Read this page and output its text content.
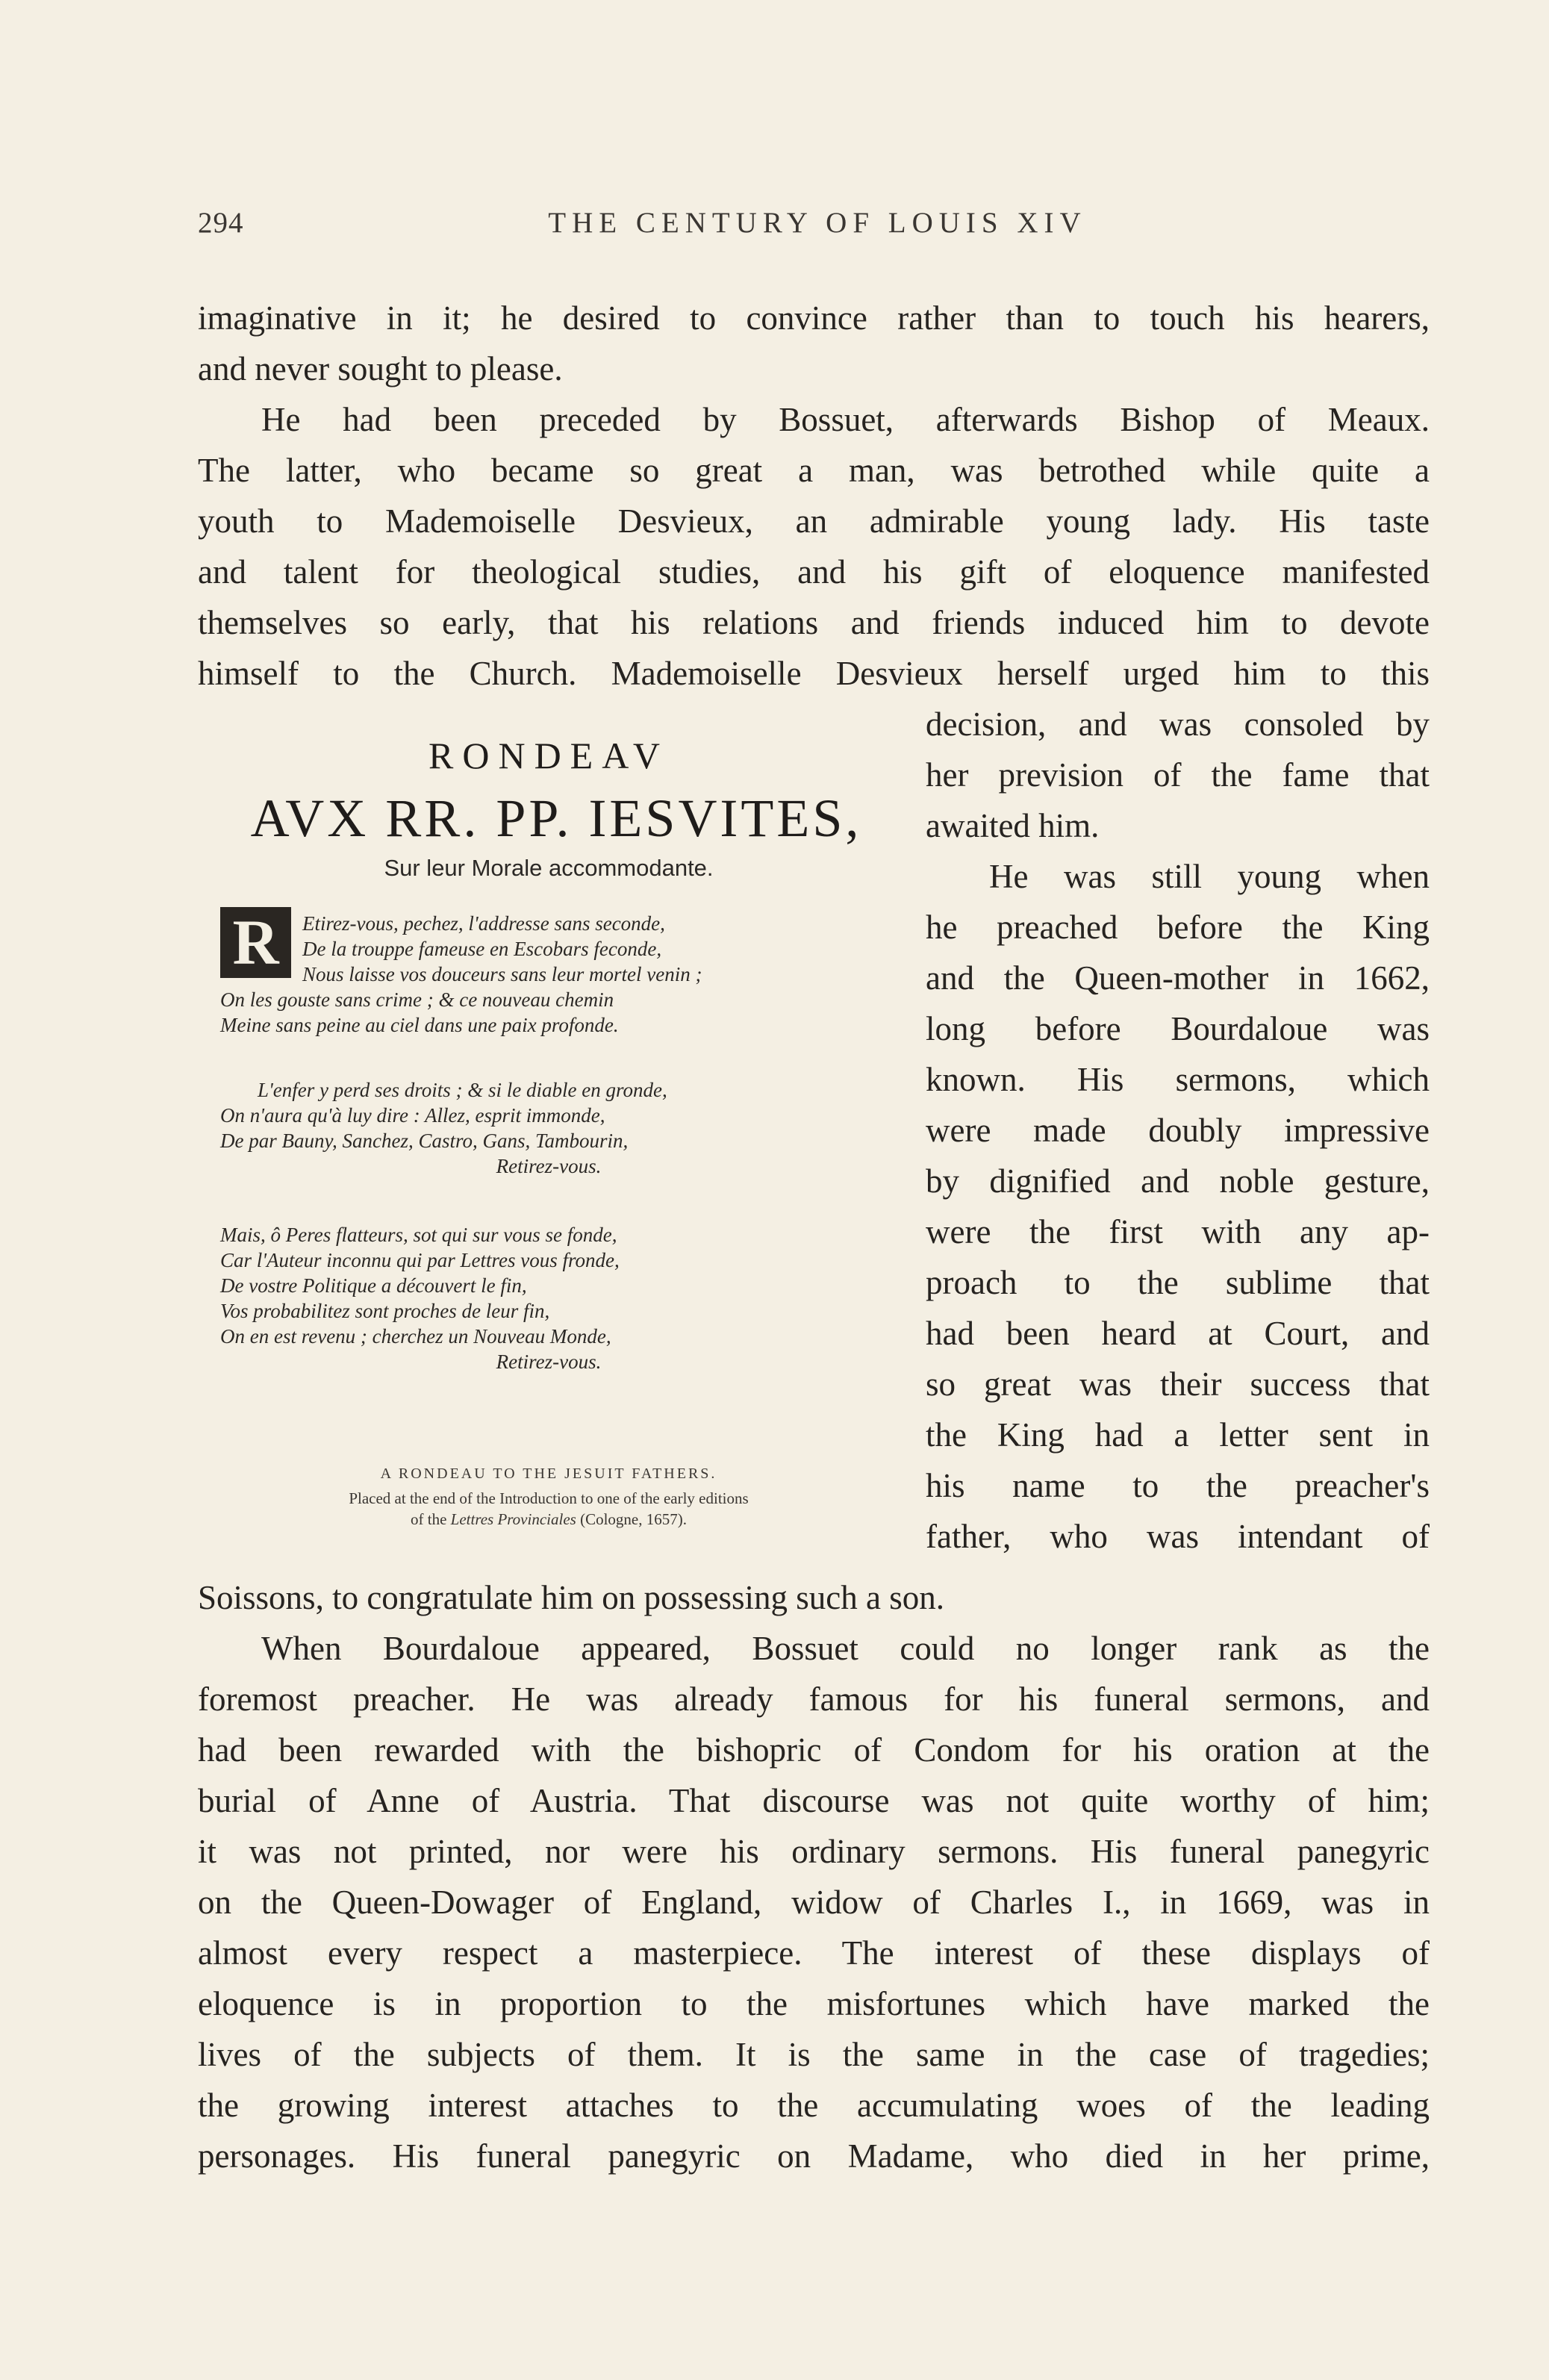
294	THE CENTURY OF LOUIS XIV
imaginative in it; he desired to convince rather than to touch his hearers,
and never sought to please.
He had been preceded by Bossuet, afterwards Bishop of Meaux.
The latter, who became so great a man, was betrothed while quite a
youth to Mademoiselle Desvieux, an admirable young lady. His taste
and talent for theological studies, and his gift of eloquence manifested
themselves so early, that his relations and friends induced him to devote
himself to the Church. Mademoiselle Desvieux herself urged him to this
decision, and was consoled by
her prevision of the fame that
awaited him.
He was still young when
he preached before the King
and the Queen-mother in 1662,
long before Bourdaloue was
known. His sermons, which
were made doubly impressive
by dignified and noble gesture,
were the first with any ap-
proach to the sublime that
had been heard at Court, and
so great was their success that
the King had a letter sent in
his name to the preacher's
father, who was intendant of
Soissons, to congratulate him on possessing such a son.
When Bourdaloue appeared, Bossuet could no longer rank as the
foremost preacher. He was already famous for his funeral sermons, and
had been rewarded with the bishopric of Condom for his oration at the
burial of Anne of Austria. That discourse was not quite worthy of him;
it was not printed, nor were his ordinary sermons. His funeral panegyric
on the Queen-Dowager of England, widow of Charles I., in 1669, was in
almost every respect a masterpiece. The interest of these displays of
eloquence is in proportion to the misfortunes which have marked the
lives of the subjects of them. It is the same in the case of tragedies;
the growing interest attaches to the accumulating woes of the leading
personages. His funeral panegyric on Madame, who died in her prime,
RONDEAV
AVX RR. PP. IESVITES,
Sur leur Morale accommodante.
R	Etirez-vous, pechez, l'addresse sans seconde,
De la trouppe fameuse en Escobars feconde,
Nous laisse vos douceurs sans leur mortel venin ;
On les gouste sans crime ; & ce nouveau chemin
Meine sans peine au ciel dans une paix profonde.
L'enfer y perd ses droits ; & si le diable en gronde,
On n'aura qu'à luy dire : Allez, esprit immonde,
De par Bauny, Sanchez, Castro, Gans, Tambourin,
Retirez-vous.
Mais, ô Peres flatteurs, sot qui sur vous se fonde,
Car l'Auteur inconnu qui par Lettres vous fronde,
De vostre Politique a découvert le fin,
Vos probabilitez sont proches de leur fin,
On en est revenu ; cherchez un Nouveau Monde,
Retirez-vous.
A RONDEAU TO THE JESUIT FATHERS.
Placed at the end of the Introduction to one of the early editions
of the Lettres Provinciales (Cologne, 1657).
